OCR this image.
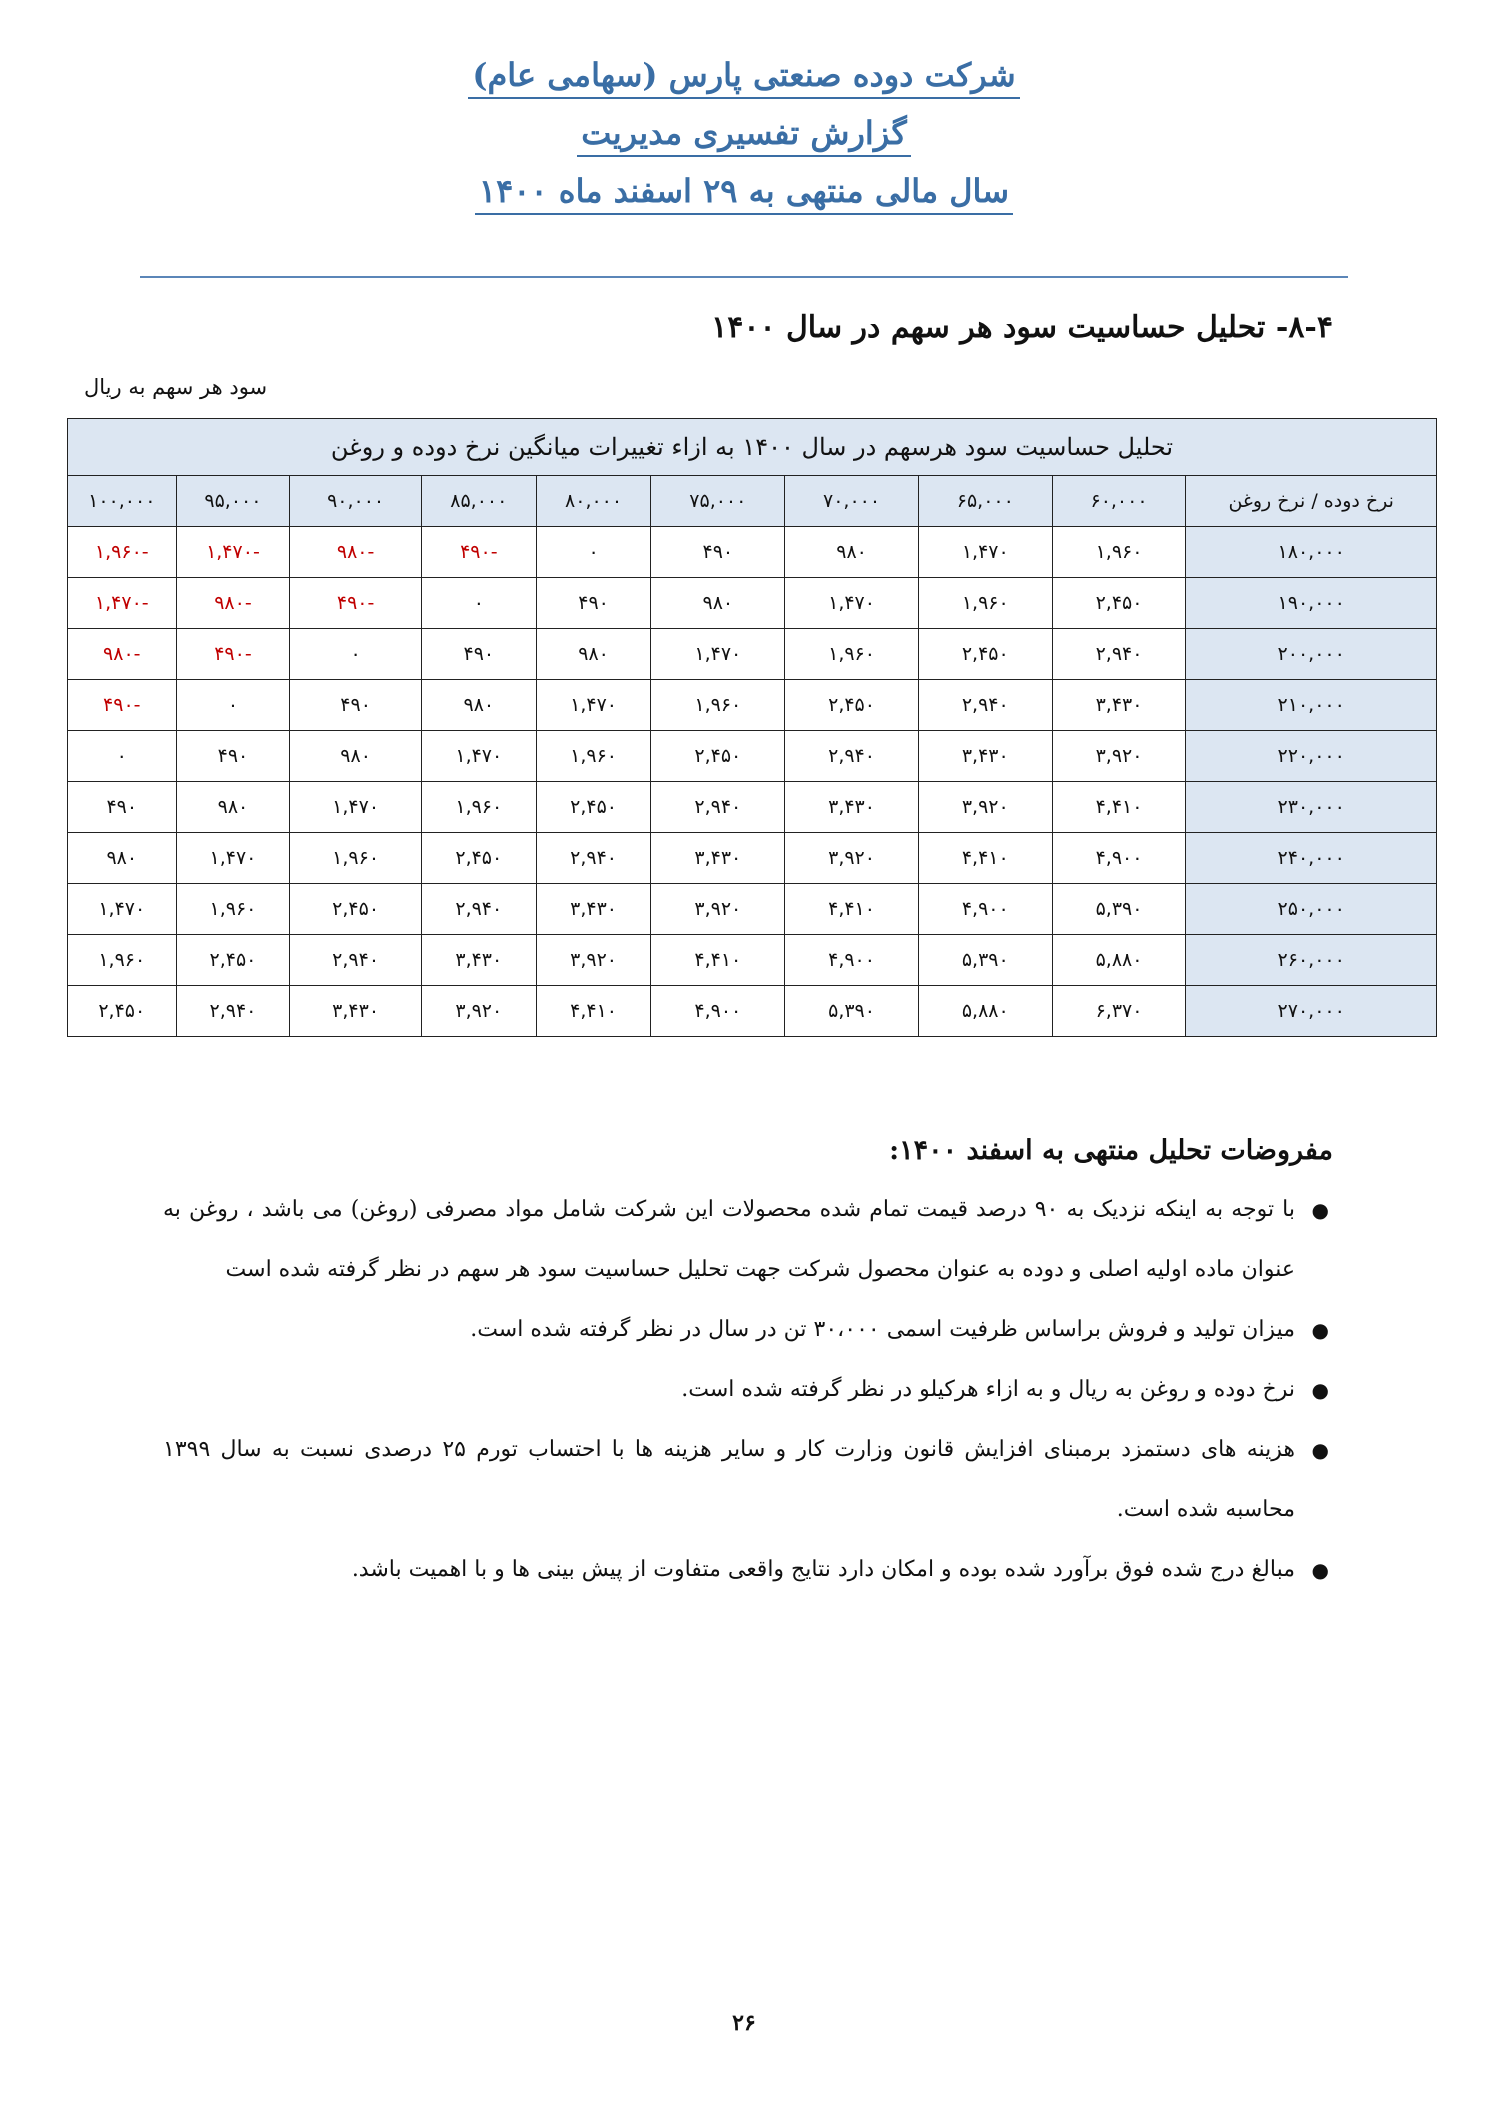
شرکت دوده صنعتی پارس (سهامی عام)
گزارش تفسیری مدیریت
سال مالی منتهی به ۲۹ اسفند ماه ۱۴۰۰
۸-۴- تحلیل حساسیت سود هر سهم در سال ۱۴۰۰
سود هر سهم به ریال
تحلیل حساسیت سود هرسهم در سال ۱۴۰۰ به ازاء تغییرات میانگین نرخ دوده و روغن									
نرخ دوده / نرخ روغن	۶۰,۰۰۰	۶۵,۰۰۰	۷۰,۰۰۰	۷۵,۰۰۰	۸۰,۰۰۰	۸۵,۰۰۰	۹۰,۰۰۰	۹۵,۰۰۰	۱۰۰,۰۰۰
۱۸۰,۰۰۰	۱,۹۶۰	۱,۴۷۰	۹۸۰	۴۹۰	۰	-۴۹۰	-۹۸۰	-۱,۴۷۰	-۱,۹۶۰
۱۹۰,۰۰۰	۲,۴۵۰	۱,۹۶۰	۱,۴۷۰	۹۸۰	۴۹۰	۰	-۴۹۰	-۹۸۰	-۱,۴۷۰
۲۰۰,۰۰۰	۲,۹۴۰	۲,۴۵۰	۱,۹۶۰	۱,۴۷۰	۹۸۰	۴۹۰	۰	-۴۹۰	-۹۸۰
۲۱۰,۰۰۰	۳,۴۳۰	۲,۹۴۰	۲,۴۵۰	۱,۹۶۰	۱,۴۷۰	۹۸۰	۴۹۰	۰	-۴۹۰
۲۲۰,۰۰۰	۳,۹۲۰	۳,۴۳۰	۲,۹۴۰	۲,۴۵۰	۱,۹۶۰	۱,۴۷۰	۹۸۰	۴۹۰	۰
۲۳۰,۰۰۰	۴,۴۱۰	۳,۹۲۰	۳,۴۳۰	۲,۹۴۰	۲,۴۵۰	۱,۹۶۰	۱,۴۷۰	۹۸۰	۴۹۰
۲۴۰,۰۰۰	۴,۹۰۰	۴,۴۱۰	۳,۹۲۰	۳,۴۳۰	۲,۹۴۰	۲,۴۵۰	۱,۹۶۰	۱,۴۷۰	۹۸۰
۲۵۰,۰۰۰	۵,۳۹۰	۴,۹۰۰	۴,۴۱۰	۳,۹۲۰	۳,۴۳۰	۲,۹۴۰	۲,۴۵۰	۱,۹۶۰	۱,۴۷۰
۲۶۰,۰۰۰	۵,۸۸۰	۵,۳۹۰	۴,۹۰۰	۴,۴۱۰	۳,۹۲۰	۳,۴۳۰	۲,۹۴۰	۲,۴۵۰	۱,۹۶۰
۲۷۰,۰۰۰	۶,۳۷۰	۵,۸۸۰	۵,۳۹۰	۴,۹۰۰	۴,۴۱۰	۳,۹۲۰	۳,۴۳۰	۲,۹۴۰	۲,۴۵۰
مفروضات تحلیل منتهی به اسفند ۱۴۰۰:
●
با توجه به اینکه نزدیک به ۹۰ درصد قیمت تمام شده محصولات این شرکت شامل مواد مصرفی (روغن) می باشد ، روغن به عنوان ماده اولیه اصلی و دوده به عنوان محصول شرکت جهت تحلیل حساسیت سود هر سهم در نظر گرفته شده است
●
میزان تولید و فروش براساس ظرفیت اسمی ۳۰،۰۰۰ تن در سال در نظر گرفته شده است.
●
نرخ دوده و روغن به ریال و به ازاء هرکیلو در نظر گرفته شده است.
●
هزینه های دستمزد برمبنای افزایش قانون وزارت کار و سایر هزینه ها با احتساب تورم ۲۵ درصدی نسبت به سال ۱۳۹۹ محاسبه شده است.
●
مبالغ درج شده فوق برآورد شده بوده و امکان دارد نتایج واقعی متفاوت از پیش بینی ها و با اهمیت باشد.
۲۶
